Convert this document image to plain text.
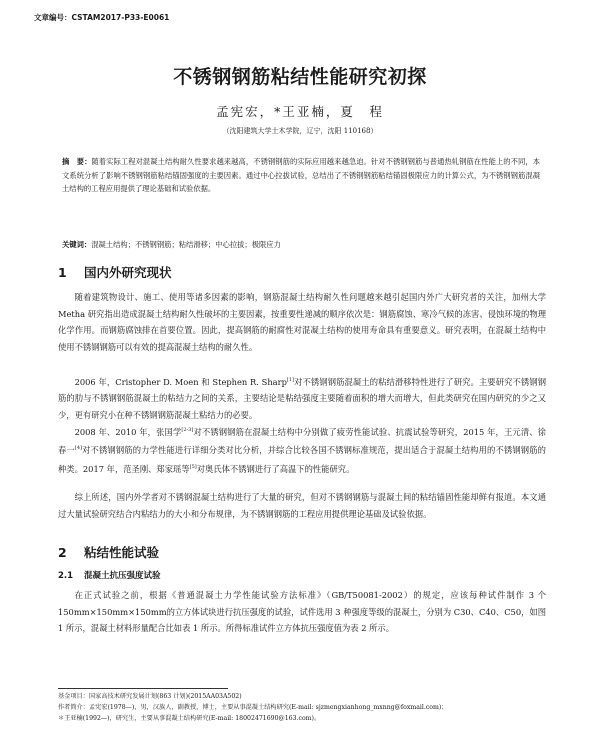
文章编号：CSTAM2017-P33-E0061
不锈钢钢筋粘结性能研究初探
孟宪宏，*王亚楠，夏　程
（沈阳建筑大学土木学院，辽宁，沈阳 110168）
摘　要：随着实际工程对混凝土结构耐久性要求越来越高，不锈钢钢筋的实际应用越来越急迫。针对不锈钢钢筋与普通热轧钢筋在性能上的不同，本文系统分析了影响不锈钢钢筋粘结锚固强度的主要因素。通过中心拉拔试验，总结出了不锈钢钢筋粘结锚固极限应力的计算公式，为不锈钢钢筋混凝土结构的工程应用提供了理论基础和试验依据。
关键词：混凝土结构；不锈钢钢筋；粘结滑移；中心拉拔；极限应力
1 国内外研究现状
随着建筑物设计、施工、使用等诸多因素的影响，钢筋混凝土结构耐久性问题越来越引起国内外广大研究者的关注，加州大学 Metha 研究指出造成混凝土结构耐久性破坏的主要因素，按重要性递减的顺序依次是：钢筋腐蚀、寒冷气候的冻害、侵蚀环境的物理化学作用。而钢筋腐蚀排在首要位置。因此，提高钢筋的耐腐性对混凝土结构的使用寿命具有重要意义。研究表明，在混凝土结构中使用不锈钢钢筋可以有效的提高混凝土结构的耐久性。
2006 年，Cristopher D. Moen 和 Stephen R. Sharp[1]对不锈钢钢筋混凝土的粘结滑移特性进行了研究。主要研究不锈钢钢筋的肋与不锈钢钢筋混凝土的粘结力之间的关系，主要结论是粘结强度主要随着面积的增大而增大，但此类研究在国内研究的少之又少，更有研究小在种不锈钢钢筋混凝土粘结力的必要。
2008 年、2010 年，张国学[2-3]对不锈钢钢筋在混凝土结构中分别做了疲劳性能试验、抗震试验等研究，2015 年，王元清、徐春一[4]对不锈钢钢筋的力学性能进行详细分类对比分析，并综合比较各国不锈钢标准规范，提出适合于混凝土结构用的不锈钢钢筋的种类。2017 年，范圣刚、郑家瑶等[5]对奥氏体不锈钢进行了高温下的性能研究。
综上所述，国内外学者对不锈钢混凝土结构进行了大量的研究，但对不锈钢钢筋与混凝土间的粘结锚固性能却鲜有报道。本文通过大量试验研究结合内粘结力的大小和分布规律，为不锈钢钢筋的工程应用提供理论基础及试验依据。
2 粘结性能试验
2.1 混凝土抗压强度试验
在正式试验之前，根据《普通混凝土力学性能试验方法标准》（GB/T50081-2002）的规定，应该每种试件制作 3 个150mm×150mm×150mm的立方体试块进行抗压强度的试验，试件选用 3 种强度等级的混凝土，分别为 C30、C40、C50，如图 1 所示，混凝土材料形量配合比如表 1 所示。所得标准试件立方体抗压强度值为表 2 所示。
基金项目：国家高技术研究发展计划(863 计划)(2015AA03A502)
作者简介：孟宪宏(1978—)，男，汉族人，副教授，博士，主要从事混凝土结构研究(E-mail: sjzmengxianhong_mxnng@foxmail.com)；
＊王亚楠(1992—)，研究生，主要从事混凝土结构研究(E-mail: 18002471690@163.com)。
